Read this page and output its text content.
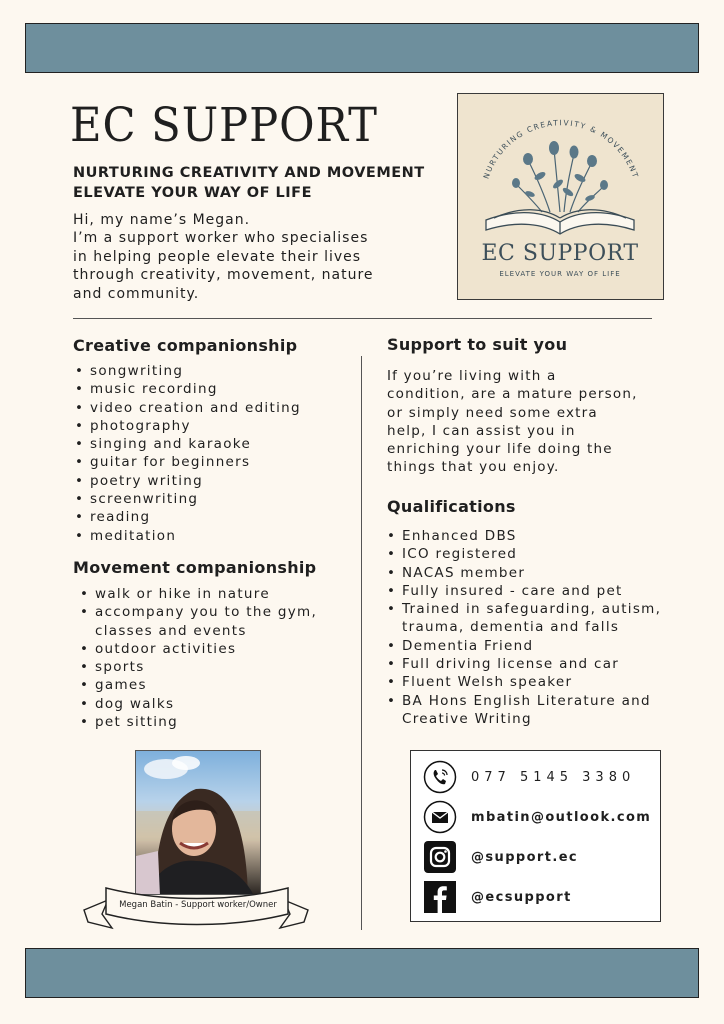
EC SUPPORT
NURTURING CREATIVITY AND MOVEMENT
ELEVATE YOUR WAY OF LIFE
Hi, my name’s Megan.
I’m a support worker who specialises
in helping people elevate their lives
through creativity, movement, nature
and community.
NURTURING CREATIVITY & MOVEMENT
EC SUPPORT
ELEVATE YOUR WAY OF LIFE
Creative companionship
• songwriting
• music recording
• video creation and editing
• photography
• singing and karaoke
• guitar for beginners
• poetry writing
• screenwriting
• reading
• meditation
Movement companionship
• walk or hike in nature
• accompany you to the gym,
classes and events
• outdoor activities
• sports
• games
• dog walks
• pet sitting
Support to suit you
If you’re living with a
condition, are a mature person,
or simply need some extra
help, I can assist you in
enriching your life doing the
things that you enjoy.
Qualifications
• Enhanced DBS
• ICO registered
• NACAS member
• Fully insured - care and pet
• Trained in safeguarding, autism,
trauma, dementia and falls
• Dementia Friend
• Full driving license and car
• Fluent Welsh speaker
• BA Hons English Literature and
Creative Writing
Megan Batin - Support worker/Owner
077 5145 3380
mbatin@outlook.com
@support.ec
@ecsupport
